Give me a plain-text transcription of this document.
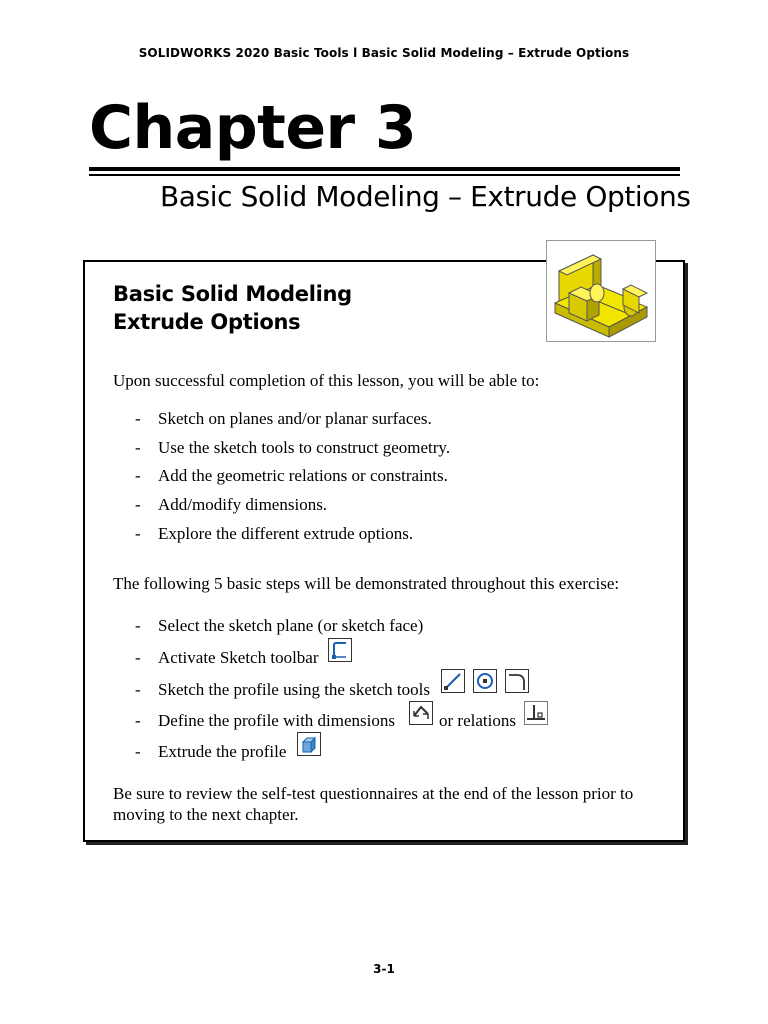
SOLIDWORKS 2020 Basic Tools l Basic Solid Modeling – Extrude Options
Chapter 3
Basic Solid Modeling – Extrude Options
Basic Solid Modeling
Extrude Options
Upon successful completion of this lesson, you will be able to:
- Sketch on planes and/or planar surfaces.
- Use the sketch tools to construct geometry.
- Add the geometric relations or constraints.
- Add/modify dimensions.
- Explore the different extrude options.
The following 5 basic steps will be demonstrated throughout this exercise:
- Select the sketch plane (or sketch face)
- Activate Sketch toolbar
- Sketch the profile using the sketch tools
- Define the profile with dimensions	or relations
- Extrude the profile
Be sure to review the self-test questionnaires at the end of the lesson prior to
moving to the next chapter.
3-1
